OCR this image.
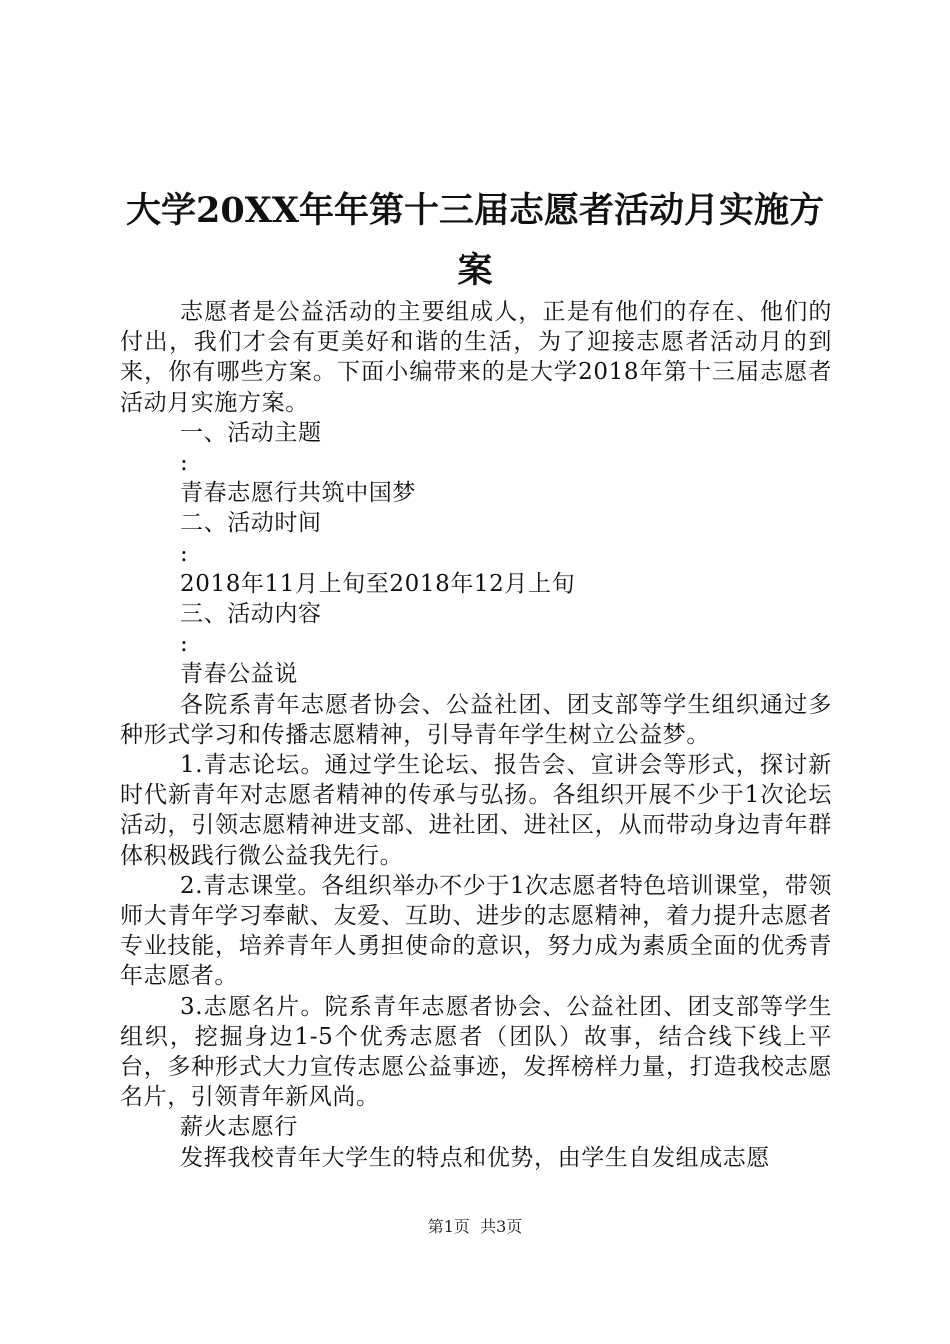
大学20XX年年第十三届志愿者活动月实施方
案

志愿者是公益活动的主要组成人，正是有他们的存在、他们的付出，我们才会有更美好和谐的生活，为了迎接志愿者活动月的到来，你有哪些方案。下面小编带来的是大学2018年第十三届志愿者活动月实施方案。

一、活动主题

:

青春志愿行共筑中国梦

二、活动时间

:

2018年11月上旬至2018年12月上旬

三、活动内容

:

青春公益说

各院系青年志愿者协会、公益社团、团支部等学生组织通过多种形式学习和传播志愿精神，引导青年学生树立公益梦。

1.青志论坛。通过学生论坛、报告会、宣讲会等形式，探讨新时代新青年对志愿者精神的传承与弘扬。各组织开展不少于1次论坛活动，引领志愿精神进支部、进社团、进社区，从而带动身边青年群体积极践行微公益我先行。

2.青志课堂。各组织举办不少于1次志愿者特色培训课堂，带领师大青年学习奉献、友爱、互助、进步的志愿精神，着力提升志愿者专业技能，培养青年人勇担使命的意识，努力成为素质全面的优秀青年志愿者。

3.志愿名片。院系青年志愿者协会、公益社团、团支部等学生组织，挖掘身边1-5个优秀志愿者（团队）故事，结合线下线上平台，多种形式大力宣传志愿公益事迹，发挥榜样力量，打造我校志愿名片，引领青年新风尚。

薪火志愿行

发挥我校青年大学生的特点和优势，由学生自发组成志愿

第1页  共3页
